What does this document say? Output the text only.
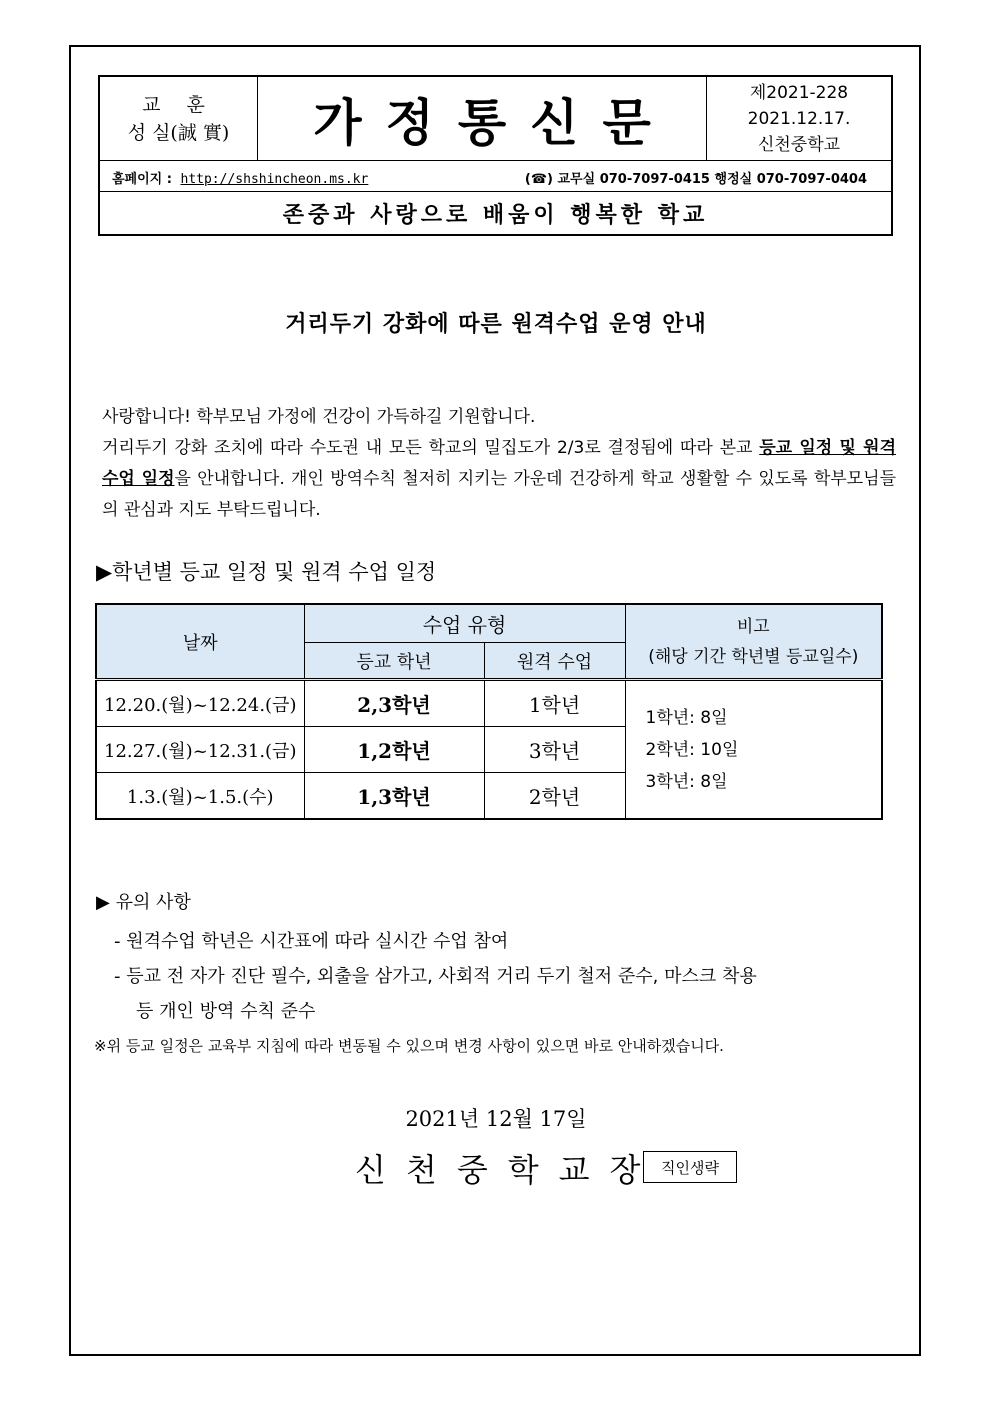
교 훈
성 실(誠 實)	가정통신문
제2021-228
2021.12.17.
신천중학교
홈페이지 : http://shshincheon.ms.kr	(☎) 교무실 070-7097-0415 행정실 070-7097-0404
존중과 사랑으로 배움이 행복한 학교
거리두기 강화에 따른 원격수업 운영 안내

사랑합니다! 학부모님 가정에 건강이 가득하길 기원합니다.

거리두기 강화 조치에 따라 수도권 내 모든 학교의 밀집도가 2/3로 결정됨에 따라 본교 등교 일정 및 원격 수업 일정을 안내합니다. 개인 방역수칙 철저히 지키는 가운데 건강하게 학교 생활할 수 있도록 학부모님들의 관심과 지도 부탁드립니다.

▶학년별 등교 일정 및 원격 수업 일정
날짜	수업 유형		비고
(해당 기간 학년별 등교일수)

	등교 학년	원격 수업	
12.20.(월)~12.24.(금)	2,3학년	1학년	1학년: 8일
2학년: 10일
3학년: 8일

12.27.(월)~12.31.(금)	1,2학년	3학년	
1.3.(월)~1.5.(수)	1,3학년	2학년	
▶ 유의 사항
- 원격수업 학년은 시간표에 따라 실시간 수업 참여
- 등교 전 자가 진단 필수, 외출을 삼가고, 사회적 거리 두기 철저 준수, 마스크 착용
등 개인 방역 수칙 준수
※위 등교 일정은 교육부 지침에 따라 변동될 수 있으며 변경 사항이 있으면 바로 안내하겠습니다.
2021년 12월 17일
신천중학교장 직인생략
